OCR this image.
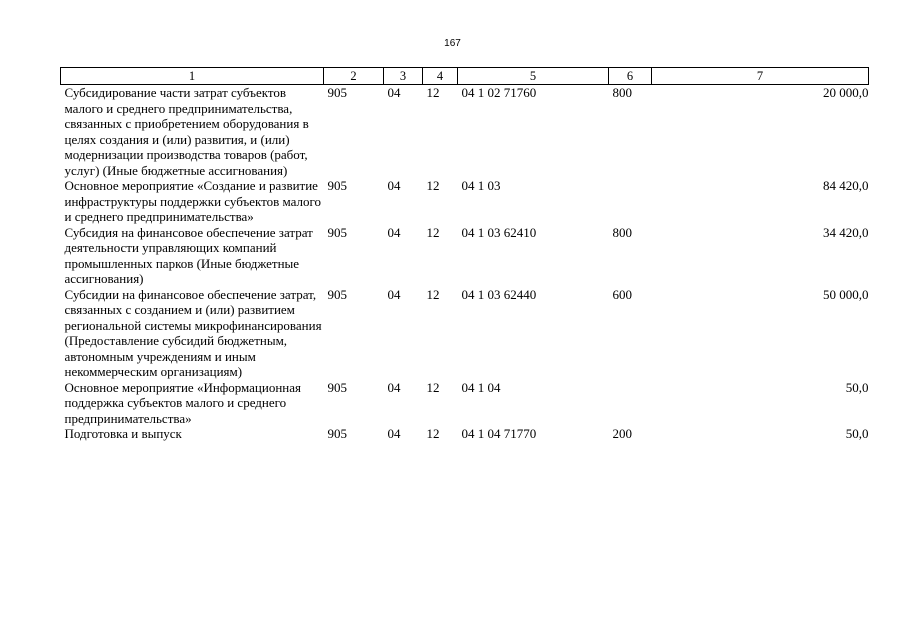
167
1	2	3	4	5	6	7
Субсидирование части затрат субъектов малого и среднего предпринимательства, связанных с приобретением оборудования в целях создания и (или) развития, и (или) модернизации производства товаров (работ, услуг) (Иные бюджетные ассигнования)	905	04	12	04 1 02 71760	800	20 000,0
Основное мероприятие «Создание и развитие инфраструктуры поддержки субъектов малого и среднего предпринимательства»	905	04	12	04 1 03		84 420,0
Субсидия на финансовое обеспечение затрат деятельности управляющих компаний промышленных парков (Иные бюджетные ассигнования)	905	04	12	04 1 03 62410	800	34 420,0
Субсидии на финансовое обеспечение затрат, связанных с созданием и (или) развитием региональной системы микрофинансирования (Предоставление субсидий бюджетным, автономным учреждениям и иным некоммерческим организациям)	905	04	12	04 1 03 62440	600	50 000,0
Основное мероприятие «Информационная поддержка субъектов малого и среднего предпринимательства»	905	04	12	04 1 04		50,0
Подготовка и выпуск	905	04	12	04 1 04 71770	200	50,0
